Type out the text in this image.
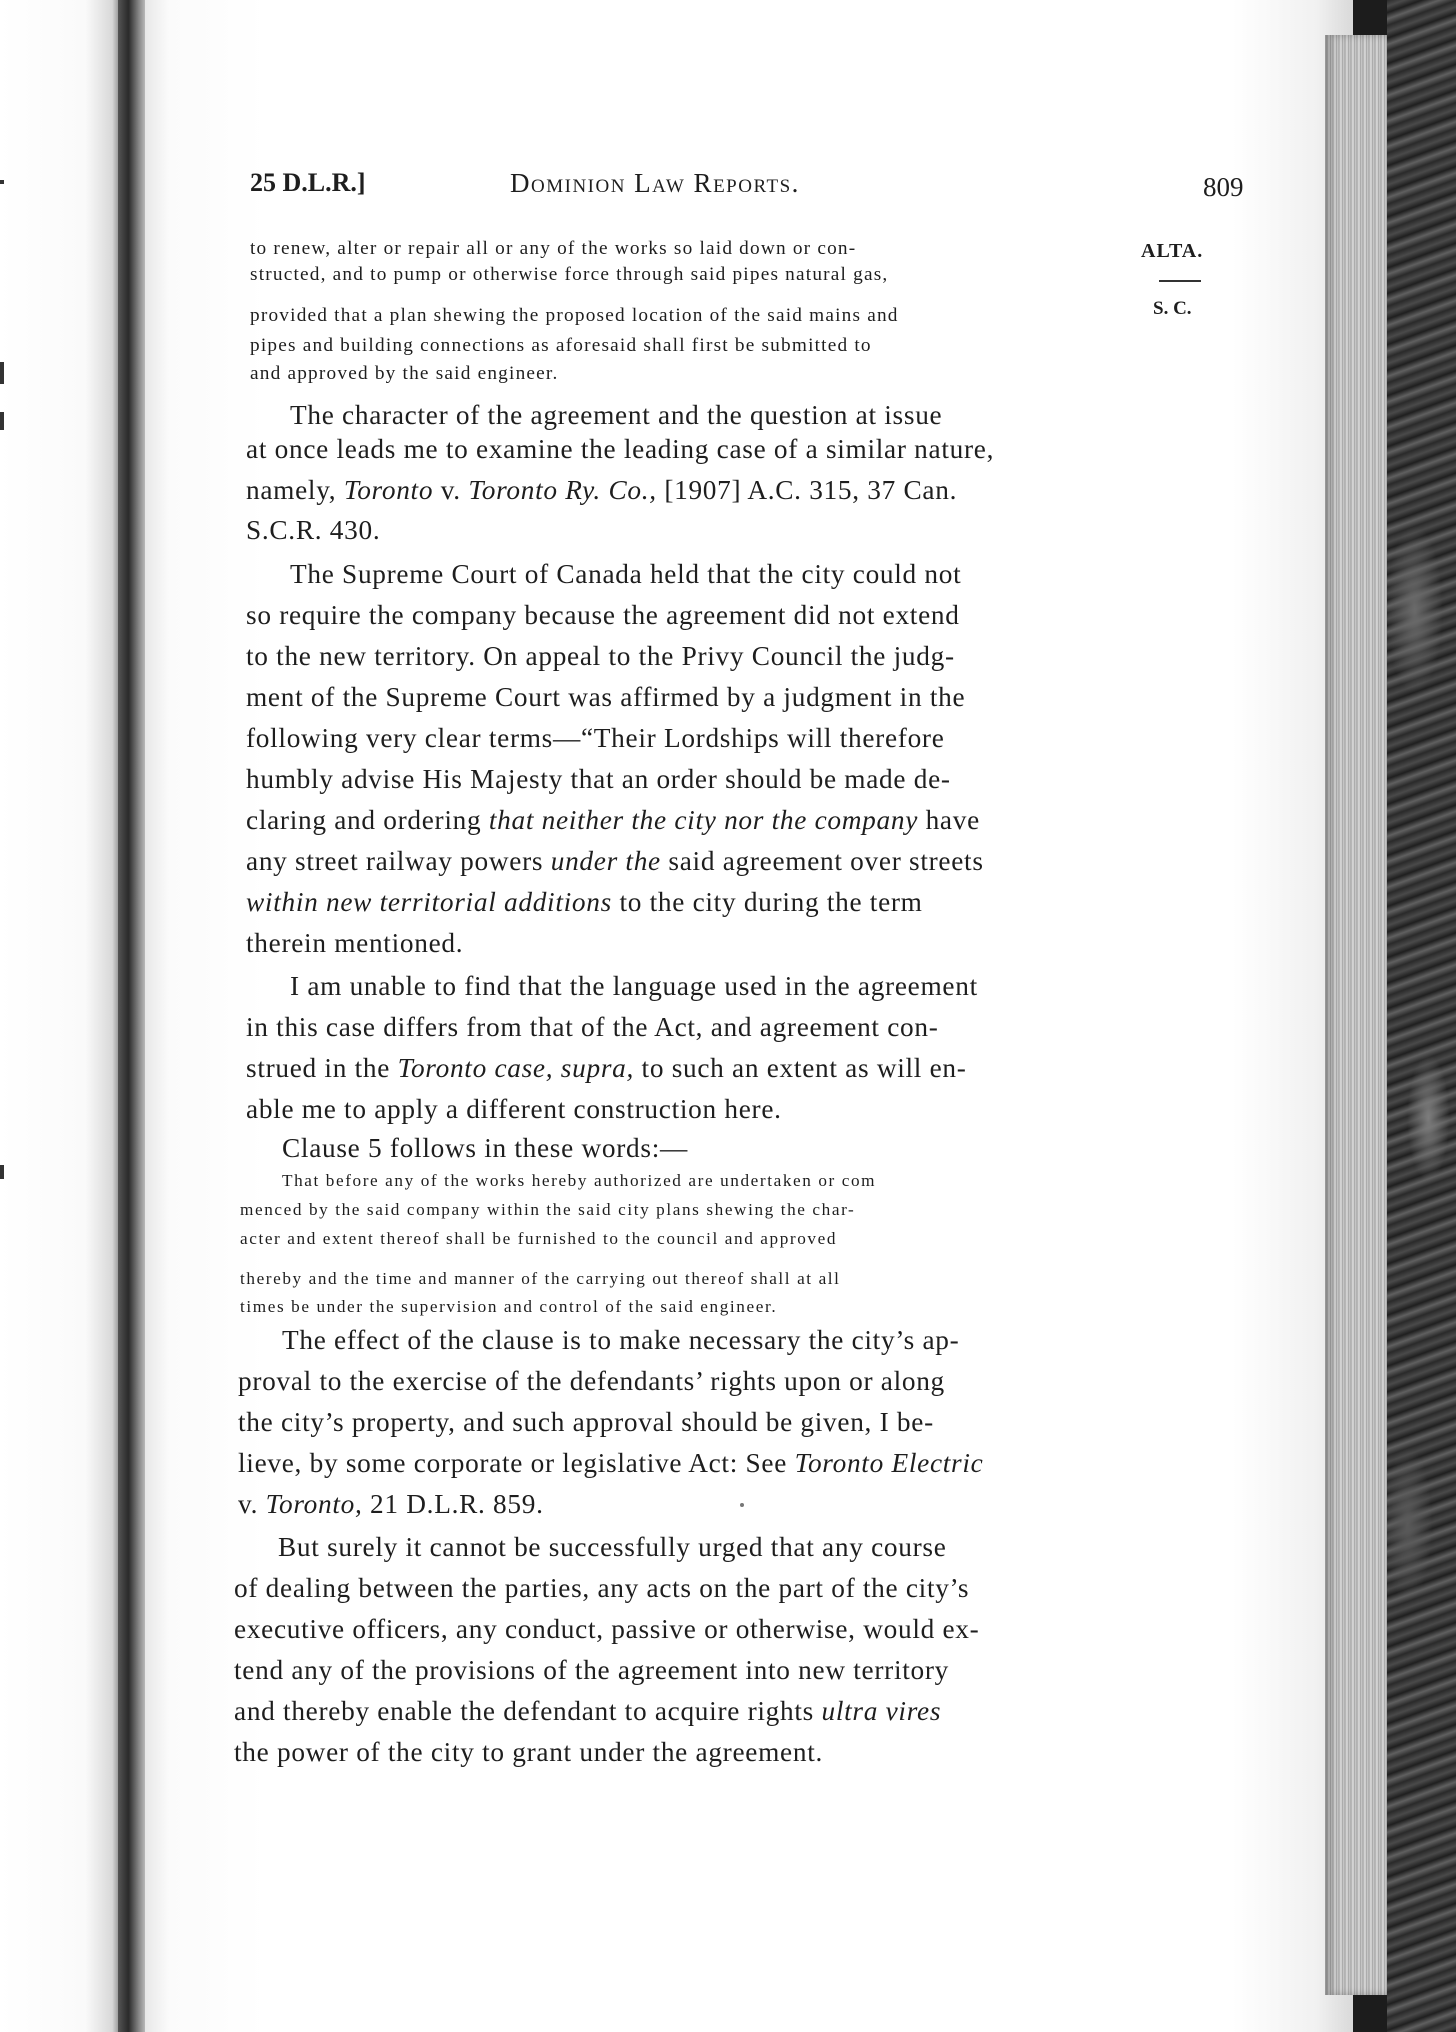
25 D.L.R.]	Dominion Law Reports.	809
ALTA.
S. C.
to renew, alter or repair all or any of the works so laid down or con-
structed, and to pump or otherwise force through said pipes natural gas,
provided that a plan shewing the proposed location of the said mains and
pipes and building connections as aforesaid shall first be submitted to
and approved by the said engineer.
The character of the agreement and the question at issue
at once leads me to examine the leading case of a similar nature,
namely, Toronto v. Toronto Ry. Co., [1907] A.C. 315, 37 Can.
S.C.R. 430.
The Supreme Court of Canada held that the city could not
so require the company because the agreement did not extend
to the new territory. On appeal to the Privy Council the judg-
ment of the Supreme Court was affirmed by a judgment in the
following very clear terms—“Their Lordships will therefore
humbly advise His Majesty that an order should be made de-
claring and ordering that neither the city nor the company have
any street railway powers under the said agreement over streets
within new territorial additions to the city during the term
therein mentioned.
I am unable to find that the language used in the agreement
in this case differs from that of the Act, and agreement con-
strued in the Toronto case, supra, to such an extent as will en-
able me to apply a different construction here.
Clause 5 follows in these words:—
That before any of the works hereby authorized are undertaken or com
menced by the said company within the said city plans shewing the char-
acter and extent thereof shall be furnished to the council and approved
thereby and the time and manner of the carrying out thereof shall at all
times be under the supervision and control of the said engineer.
The effect of the clause is to make necessary the city’s ap-
proval to the exercise of the defendants’ rights upon or along
the city’s property, and such approval should be given, I be-
lieve, by some corporate or legislative Act: See Toronto Electric
v. Toronto, 21 D.L.R. 859.
But surely it cannot be successfully urged that any course
of dealing between the parties, any acts on the part of the city’s
executive officers, any conduct, passive or otherwise, would ex-
tend any of the provisions of the agreement into new territory
and thereby enable the defendant to acquire rights ultra vires
the power of the city to grant under the agreement.
